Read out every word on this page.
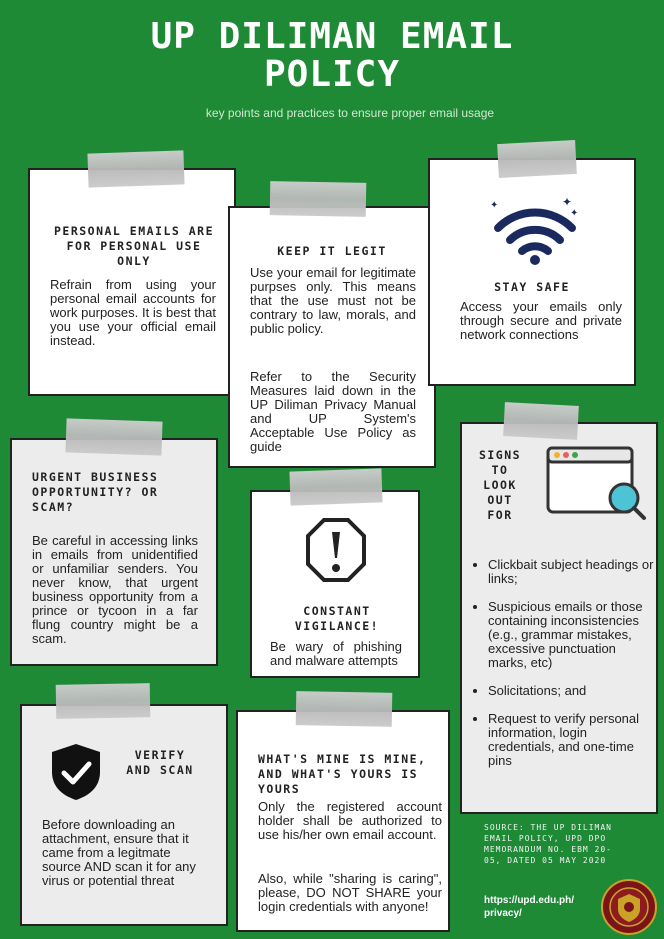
UP DILIMAN EMAIL
POLICY
key points and practices to ensure proper email usage
PERSONAL EMAILS ARE FOR PERSONAL USE ONLY
Refrain from using your personal email accounts for work purposes. It is best that you use your official email instead.
KEEP IT LEGIT
Use your email for legitimate purpses only. This means that the use must not be contrary to law, morals, and public policy.
Refer to the Security Measures laid down in the UP Diliman Privacy Manual and UP System's Acceptable Use Policy as guide
✦
✦
✦
STAY SAFE
Access your emails only through secure and private network connections
URGENT BUSINESS OPPORTUNITY? OR SCAM?
Be careful in accessing links in emails from unidentified or unfamiliar senders. You never know, that urgent business opportunity from a prince or tycoon in a far flung country might be a scam.
CONSTANT VIGILANCE!
Be wary of phishing and malware attempts
SIGNS TO LOOK OUT FOR
• Clickbait subject headings or links;
• Suspicious emails or those containing inconsistencies (e.g., grammar mistakes, excessive punctuation marks, etc)
• Solicitations; and
• Request to verify personal information, login credentials, and one-time pins
VERIFY AND SCAN
Before downloading an attachment, ensure that it came from a legitmate source AND scan it for any virus or potential threat
WHAT'S MINE IS MINE, AND WHAT'S YOURS IS YOURS
Only the registered account holder shall be authorized to use his/her own email account.
Also, while "sharing is caring", please, DO NOT SHARE your login credentials with anyone!
SOURCE: THE UP DILIMAN EMAIL POLICY, UPD DPO MEMORANDUM NO. EBM 20-05, DATED 05 MAY 2020
https://upd.edu.ph/ privacy/
